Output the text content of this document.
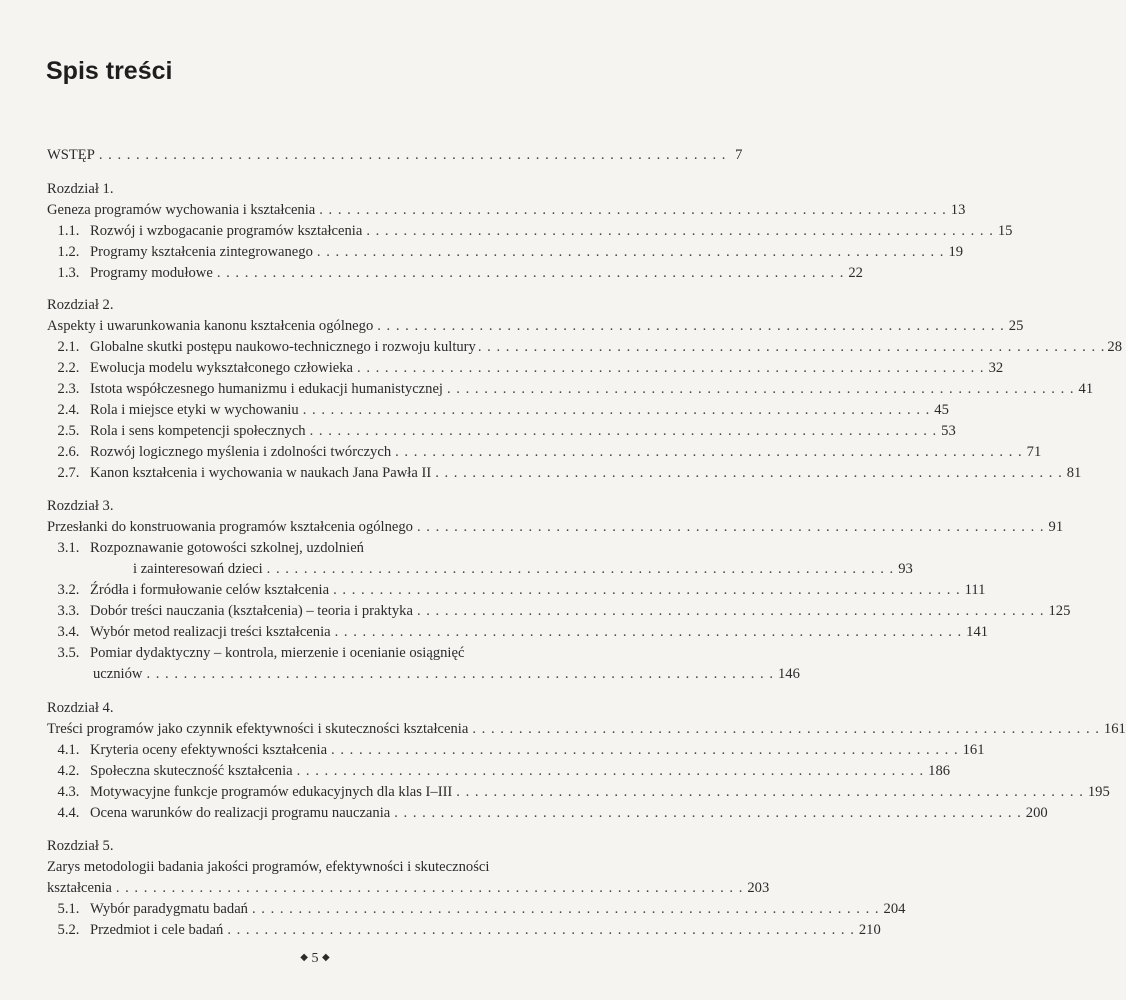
Spis treści
WSTĘP . . .	7
Rozdział 1.
Geneza programów wychowania i kształcenia . . .	13
1.1. Rozwój i wzbogacanie programów kształcenia . . .	15
1.2. Programy kształcenia zintegrowanego . . .	19
1.3. Programy modułowe . . .	22
Rozdział 2.
Aspekty i uwarunkowania kanonu kształcenia ogólnego . . .	25
2.1. Globalne skutki postępu naukowo-technicznego i rozwoju kultury . . .	28
2.2. Ewolucja modelu wykształconego człowieka . . .	32
2.3. Istota współczesnego humanizmu i edukacji humanistycznej . . .	41
2.4. Rola i miejsce etyki w wychowaniu . . .	45
2.5. Rola i sens kompetencji społecznych . . .	53
2.6. Rozwój logicznego myślenia i zdolności twórczych . . .	71
2.7. Kanon kształcenia i wychowania w naukach Jana Pawła II . . .	81
Rozdział 3.
Przesłanki do konstruowania programów kształcenia ogólnego . . .	91
3.1. Rozpoznawanie gotowości szkolnej, uzdolnień
i zainteresowań dzieci . . .	93
3.2. Źródła i formułowanie celów kształcenia . . .	111
3.3. Dobór treści nauczania (kształcenia) – teoria i praktyka . . .	125
3.4. Wybór metod realizacji treści kształcenia . . .	141
3.5. Pomiar dydaktyczny – kontrola, mierzenie i ocenianie osiągnięć
uczniów . . .	146
Rozdział 4.
Treści programów jako czynnik efektywności i skuteczności kształcenia . . .	161
4.1. Kryteria oceny efektywności kształcenia . . .	161
4.2. Społeczna skuteczność kształcenia . . .	186
4.3. Motywacyjne funkcje programów edukacyjnych dla klas I–III . . .	195
4.4. Ocena warunków do realizacji programu nauczania . . .	200
Rozdział 5.
Zarys metodologii badania jakości programów, efektywności i skuteczności
kształcenia . . .	203
5.1. Wybór paradygmatu badań . . .	204
5.2. Przedmiot i cele badań . . .	210
◆ 5 ◆
